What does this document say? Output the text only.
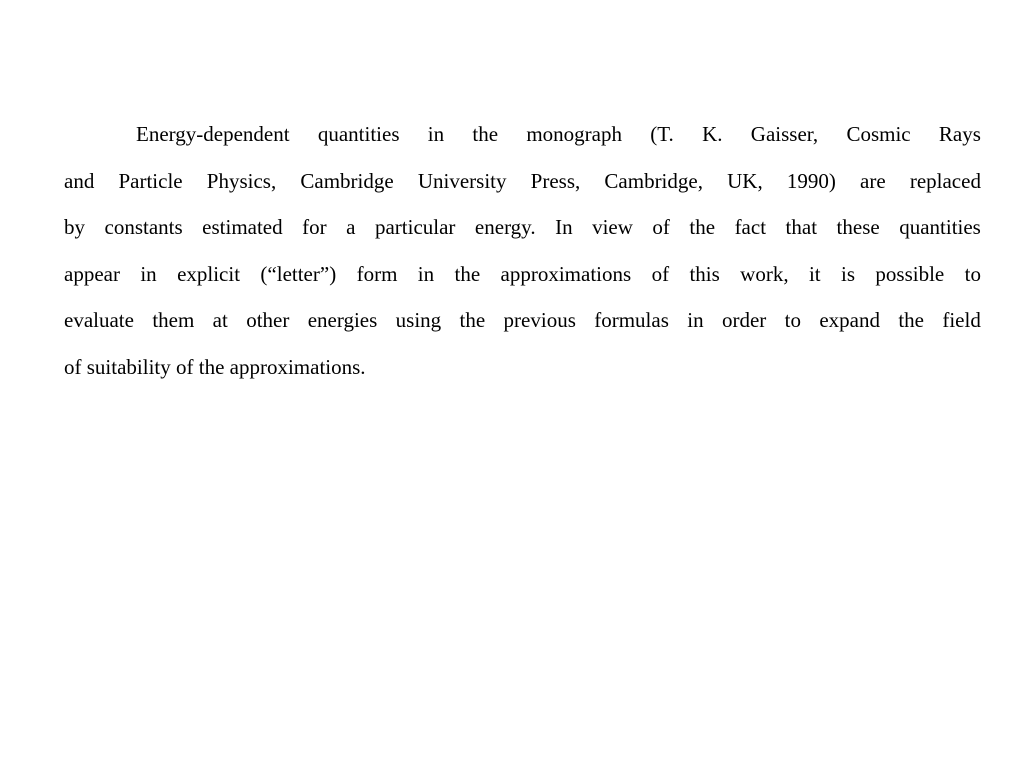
Energy-dependent quantities in the monograph (T. K. Gaisser, Cosmic Rays
and Particle Physics, Cambridge University Press, Cambridge, UK, 1990) are replaced
by constants estimated for a particular energy. In view of the fact that these quantities
appear in explicit (“letter”) form in the approximations of this work, it is possible to
evaluate them at other energies using the previous formulas in order to expand the field
of suitability of the approximations.
